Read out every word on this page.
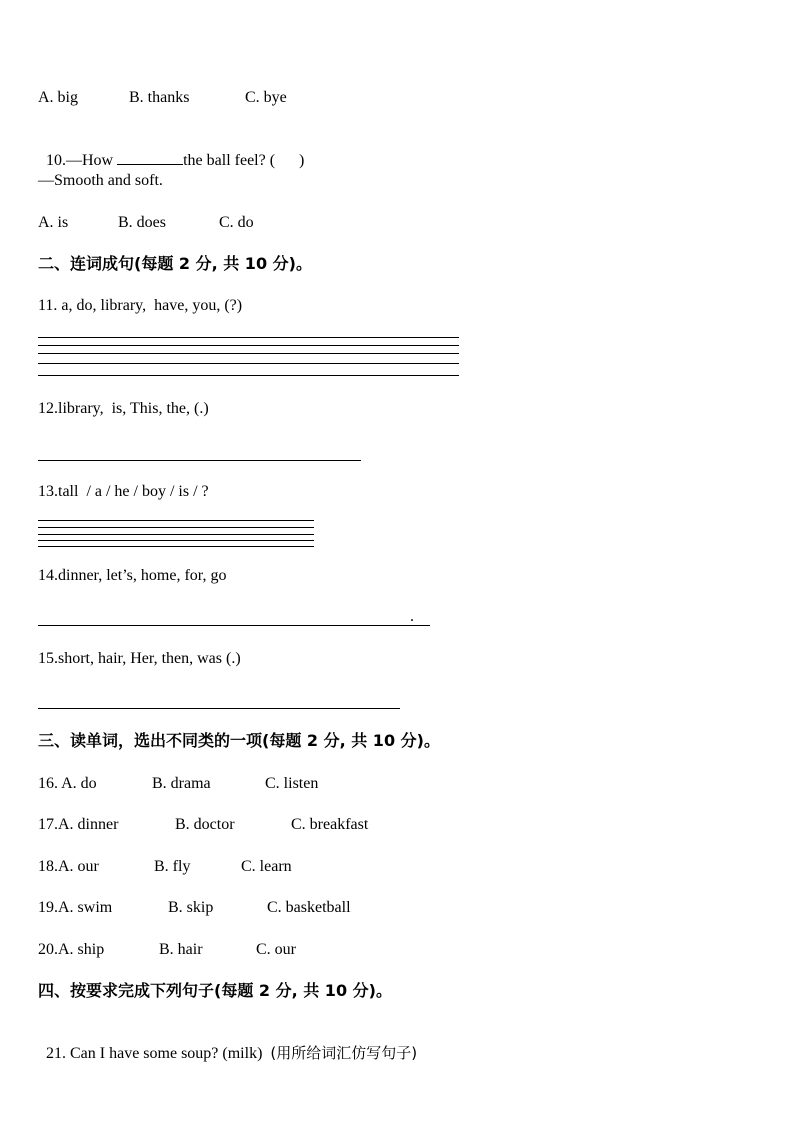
A. big	B. thanks	C. bye

10.—How	the ball feel? (      )

—Smooth and soft.
A. is	B. does	C. do
二、连词成句(每题 2 分, 共 10 分)。
11. a, do, library,  have, you, (?)
12.library,  is, This, the, (.)
13.tall  / a / he / boy / is / ?
14.dinner, let’s, home, for, go
.
15.short, hair, Her, then, was (.)
三、读单词，选出不同类的一项(每题 2 分, 共 10 分)。
16. A. do	B. drama	C. listen
17.A. dinner	B. doctor	C. breakfast
18.A. our	B. fly	C. learn
19.A. swim	B. skip	C. basketball
20.A. ship	B. hair	C. our
四、按要求完成下列句子(每题 2 分, 共 10 分)。

21. Can I have some soup? (milk)  (用所给词汇仿写句子)
